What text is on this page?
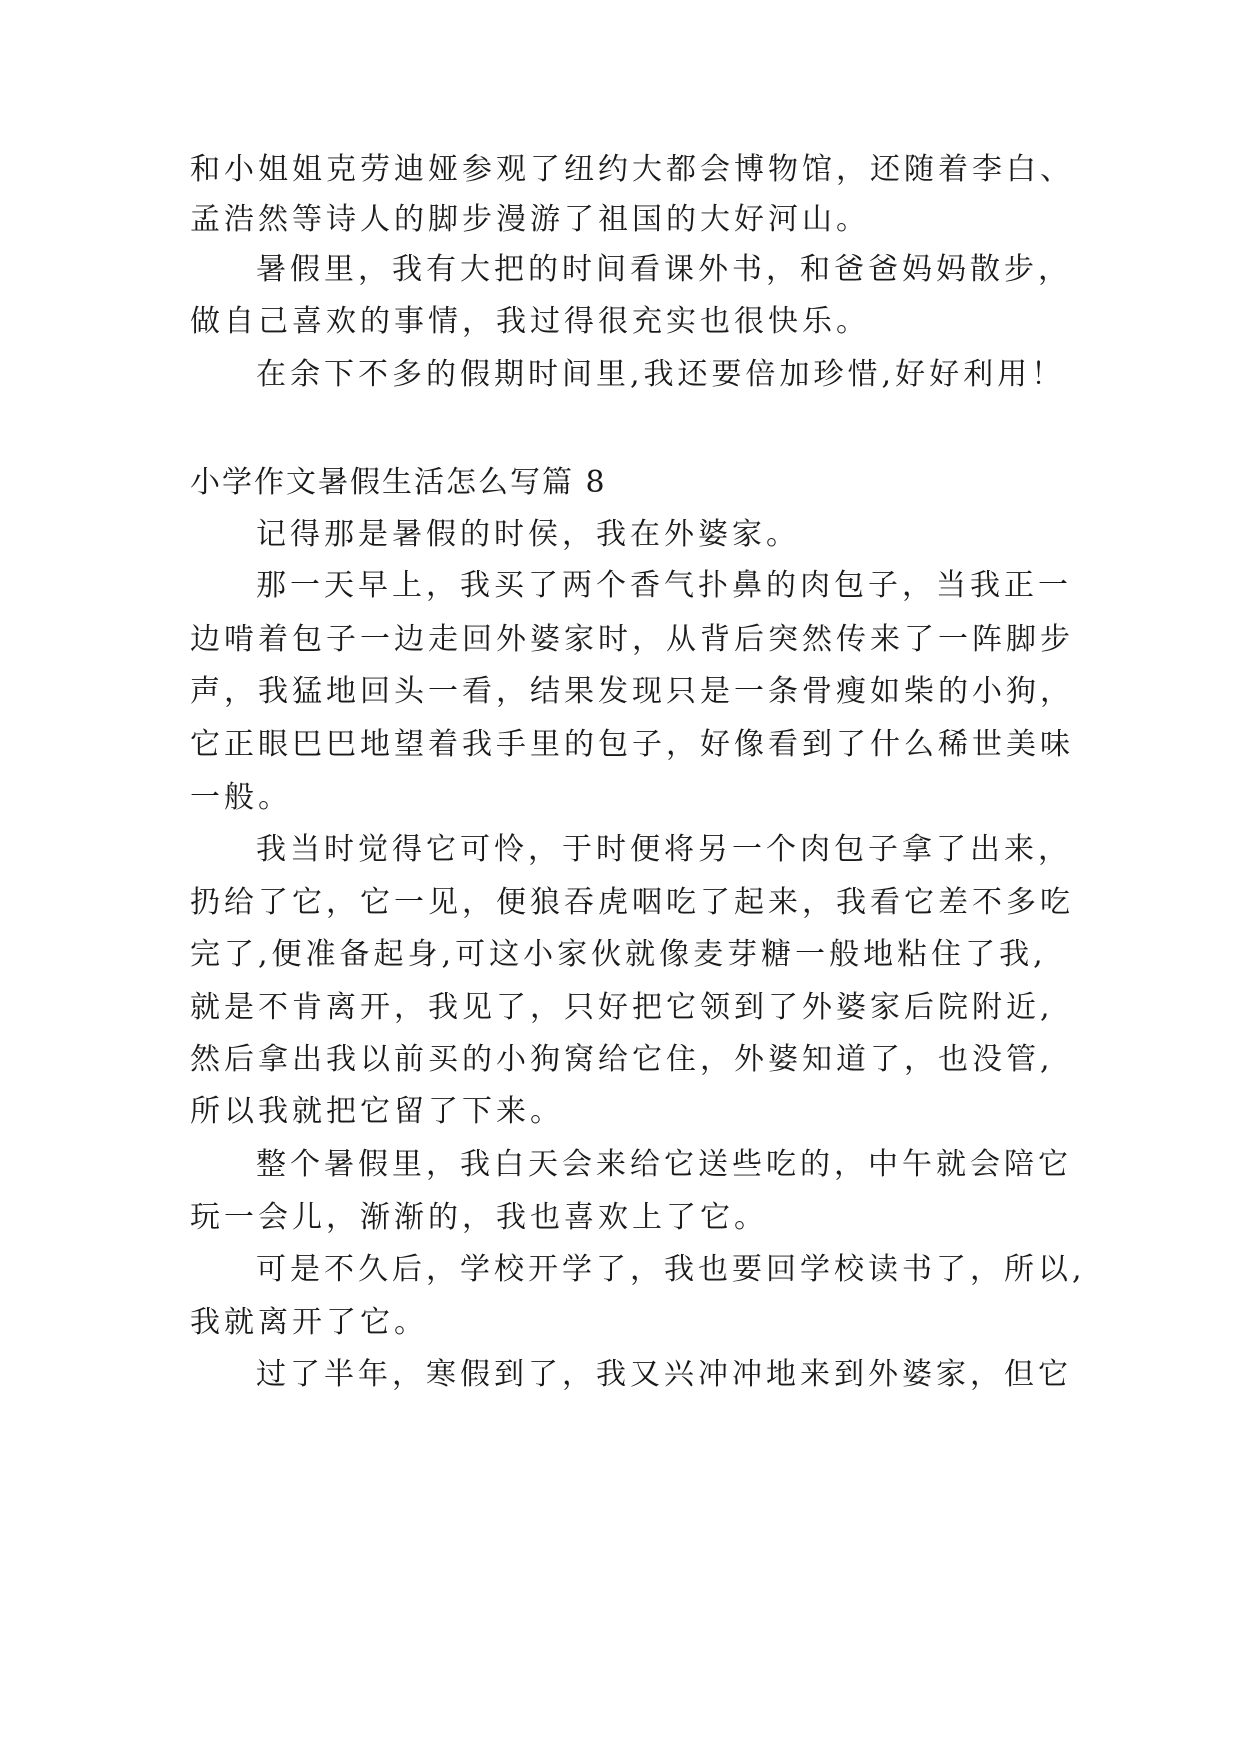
和小姐姐克劳迪娅参观了纽约大都会博物馆，还随着李白、
孟浩然等诗人的脚步漫游了祖国的大好河山。
暑假里，我有大把的时间看课外书，和爸爸妈妈散步，
做自己喜欢的事情，我过得很充实也很快乐。
在余下不多的假期时间里,我还要倍加珍惜,好好利用！
小学作文暑假生活怎么写篇 8
记得那是暑假的时侯，我在外婆家。
那一天早上，我买了两个香气扑鼻的肉包子，当我正一
边啃着包子一边走回外婆家时，从背后突然传来了一阵脚步
声，我猛地回头一看，结果发现只是一条骨瘦如柴的小狗，
它正眼巴巴地望着我手里的包子，好像看到了什么稀世美味
一般。
我当时觉得它可怜，于时便将另一个肉包子拿了出来，
扔给了它，它一见，便狼吞虎咽吃了起来，我看它差不多吃
完了,便准备起身,可这小家伙就像麦芽糖一般地粘住了我,
就是不肯离开，我见了，只好把它领到了外婆家后院附近,
然后拿出我以前买的小狗窝给它住，外婆知道了，也没管,
所以我就把它留了下来。
整个暑假里，我白天会来给它送些吃的，中午就会陪它
玩一会儿，渐渐的，我也喜欢上了它。
可是不久后，学校开学了，我也要回学校读书了，所以,
我就离开了它。
过了半年，寒假到了，我又兴冲冲地来到外婆家，但它
